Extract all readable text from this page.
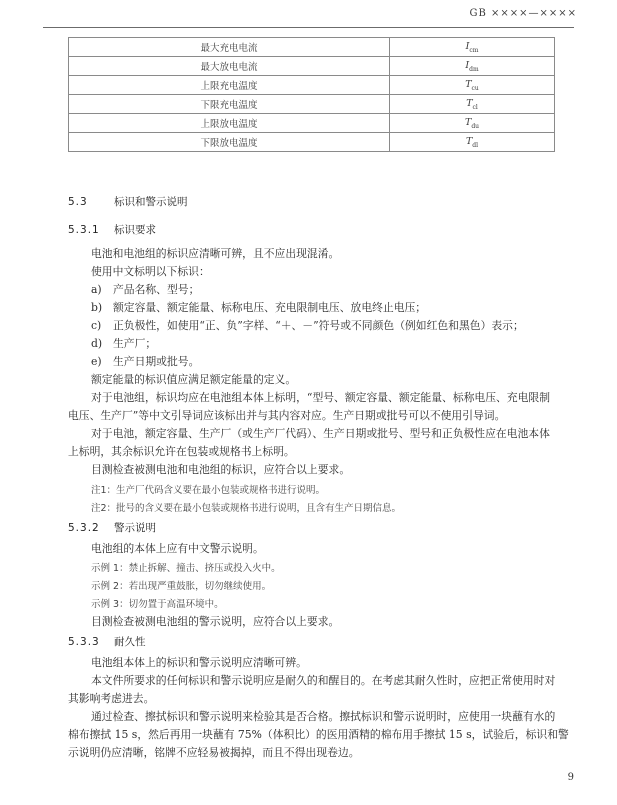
GB ××××—××××
最大充电电流	$I_{cm}$
最大放电电流	$I_{dm}$
上限充电温度	$T_{cu}$
下限充电温度	$T_{cl}$
上限放电温度	$T_{du}$
下限放电温度	$T_{dl}$
5.3	标识和警示说明
5.3.1 标识要求
电池和电池组的标识应清晰可辨，且不应出现混淆。
使用中文标明以下标识：
a) 产品名称、型号；
b) 额定容量、额定能量、标称电压、充电限制电压、放电终止电压；
c) 正负极性，如使用“正、负”字样、“＋、－”符号或不同颜色（例如红色和黑色）表示；
d) 生产厂；
e) 生产日期或批号。
额定能量的标识值应满足额定能量的定义。
对于电池组，标识均应在电池组本体上标明，“型号、额定容量、额定能量、标称电压、充电限制
电压、生产厂”等中文引导词应该标出并与其内容对应。生产日期或批号可以不使用引导词。
对于电池，额定容量、生产厂（或生产厂代码）、生产日期或批号、型号和正负极性应在电池本体
上标明，其余标识允许在包装或规格书上标明。
目测检查被测电池和电池组的标识，应符合以上要求。
注1：生产厂代码含义要在最小包装或规格书进行说明。
注2：批号的含义要在最小包装或规格书进行说明，且含有生产日期信息。
5.3.2 警示说明
电池组的本体上应有中文警示说明。
示例 1：禁止拆解、撞击、挤压或投入火中。
示例 2：若出现严重鼓胀，切勿继续使用。
示例 3：切勿置于高温环境中。
目测检查被测电池组的警示说明，应符合以上要求。
5.3.3 耐久性
电池组本体上的标识和警示说明应清晰可辨。
本文件所要求的任何标识和警示说明应是耐久的和醒目的。在考虑其耐久性时，应把正常使用时对
其影响考虑进去。
通过检查、擦拭标识和警示说明来检验其是否合格。擦拭标识和警示说明时，应使用一块蘸有水的
棉布擦拭 15 s，然后再用一块蘸有 75%（体积比）的医用酒精的棉布用手擦拭 15 s，试验后，标识和警
示说明仍应清晰，铭牌不应轻易被揭掉，而且不得出现卷边。
9
